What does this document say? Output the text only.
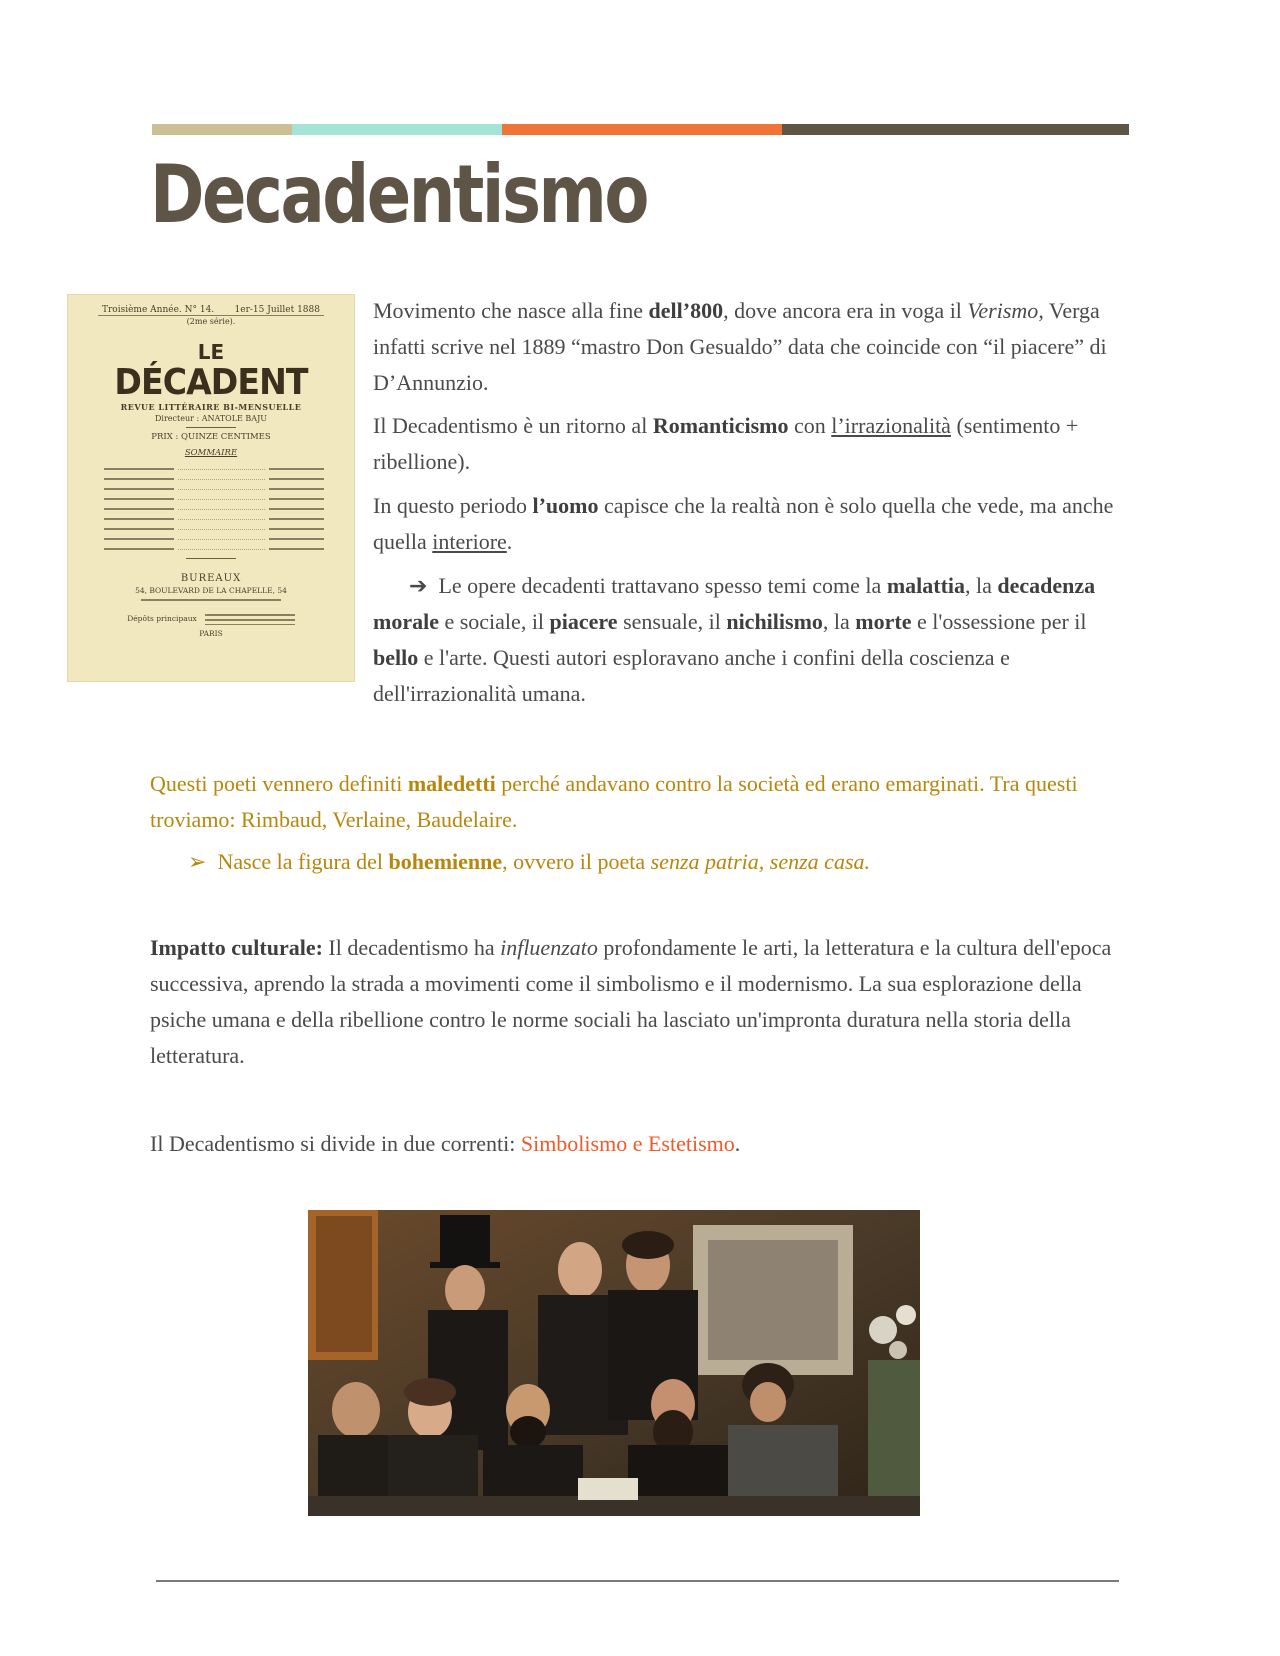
Decadentismo
Troisième Année. N° 14. 1er-15 Juillet 1888
(2me série).
LE
DÉCADENT
REVUE LITTÉRAIRE BI-MENSUELLE
Directeur : ANATOLE BAJU
PRIX : QUINZE CENTIMES
SOMMAIRE
BUREAUX
54, BOULEVARD DE LA CHAPELLE, 54
Dépôts principaux
PARIS

Movimento che nasce alla fine dell’800, dove ancora era in voga il Verismo, Verga infatti scrive nel 1889 “mastro Don Gesualdo” data che coincide con “il piacere” di D’Annunzio.

Il Decadentismo è un ritorno al Romanticismo con l’irrazionalità (sentimento + ribellione).

In questo periodo l’uomo capisce che la realtà non è solo quella che vede, ma anche quella interiore.

➔ Le opere decadenti trattavano spesso temi come la malattia, la decadenza morale e sociale, il piacere sensuale, il nichilismo, la morte e l'ossessione per il bello e l'arte. Questi autori esploravano anche i confini della coscienza e dell'irrazionalità umana.

Questi poeti vennero definiti maledetti perché andavano contro la società ed erano emarginati. Tra questi troviamo: Rimbaud, Verlaine, Baudelaire.

➢ Nasce la figura del bohemienne, ovvero il poeta senza patria, senza casa.

Impatto culturale: Il decadentismo ha influenzato profondamente le arti, la letteratura e la cultura dell'epoca successiva, aprendo la strada a movimenti come il simbolismo e il modernismo. La sua esplorazione della psiche umana e della ribellione contro le norme sociali ha lasciato un'impronta duratura nella storia della letteratura.

Il Decadentismo si divide in due correnti: Simbolismo e Estetismo.
